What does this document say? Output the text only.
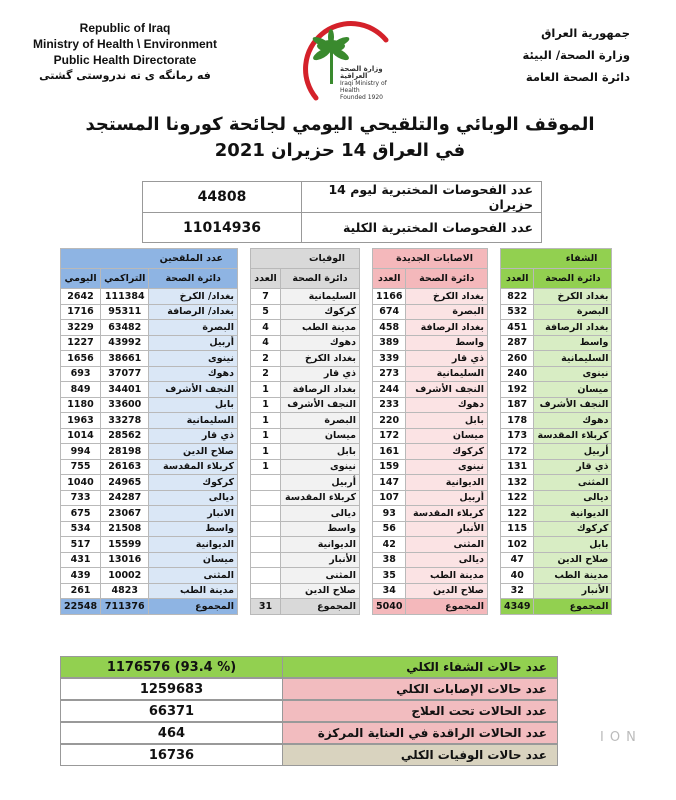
Republic of Iraq
Ministry of Health \ Environment
Public Health Directorate
فه رمانگه ى ته ندروستى گشتى	وزارة الصحة العراقية
Iraqi Ministry of Health
Founded 1920
جمهورية العراق
وزارة الصحة/ البيئة
دائرة الصحة العامة
الموقف الوبائي والتلقيحي اليومي لجائحة كورونا المستجد
في العراق 14 حزيران 2021
44808	عدد الفحوصات المختبرية ليوم 14 حزيران
11014936	عدد الفحوصات المختبرية الكلية
عدد الملقحين		
اليومي	التراكمي	دائرة الصحة
2642	111384	بغداد/ الكرخ
1716	95311	بغداد/ الرصافة
3229	63482	البصرة
1227	43992	أربيل
1656	38661	نينوى
693	37077	دهوك
849	34401	النجف الأشرف
1180	33600	بابل
1963	33278	السليمانية
1014	28562	ذي قار
994	28198	صلاح الدين
755	26163	كربلاء المقدسة
1040	24965	كركوك
733	24287	ديالى
675	23067	الانبار
534	21508	واسط
517	15599	الديوانية
431	13016	ميسان
439	10002	المثنى
261	4823	مدينة الطب
22548	711376	المجموع
الوفيات	
العدد	دائرة الصحة
7	السليمانية
5	كركوك
4	مدينة الطب
4	دهوك
2	بغداد الكرخ
2	ذي قار
1	بغداد الرصافة
1	النجف الأشرف
1	البصرة
1	ميسان
1	بابل
1	نينوى
	أربيل
	كربلاء المقدسة
	ديالى
	واسط
	الديوانية
	الأنبار
	المثنى
	صلاح الدين
31	المجموع
الاصابات الجديدة	
العدد	دائرة الصحة
1166	بغداد الكرخ
674	البصرة
458	بغداد الرصافة
389	واسط
339	ذي قار
273	السليمانية
244	النجف الأشرف
233	دهوك
220	بابل
172	ميسان
161	كركوك
159	نينوى
147	الديوانية
107	أربيل
93	كربلاء المقدسة
56	الأنبار
42	المثنى
38	ديالى
35	مدينة الطب
34	صلاح الدين
5040	المجموع
الشفاء	
العدد	دائرة الصحة
822	بغداد الكرخ
532	البصرة
451	بغداد الرصافة
287	واسط
260	السليمانية
240	نينوى
192	ميسان
187	النجف الأشرف
178	دهوك
173	كربلاء المقدسة
172	أربيل
131	ذي قار
132	المثنى
122	ديالى
122	الديوانية
115	كركوك
102	بابل
47	صلاح الدين
40	مدينة الطب
32	الأنبار
4349	المجموع
1176576 (93.4 %)	عدد حالات الشفاء الكلي
1259683	عدد حالات الإصابات الكلي
66371	عدد الحالات تحت العلاج
464	عدد الحالات الراقدة في العناية المركزة
16736	عدد حالات الوفيات الكلي
ION
